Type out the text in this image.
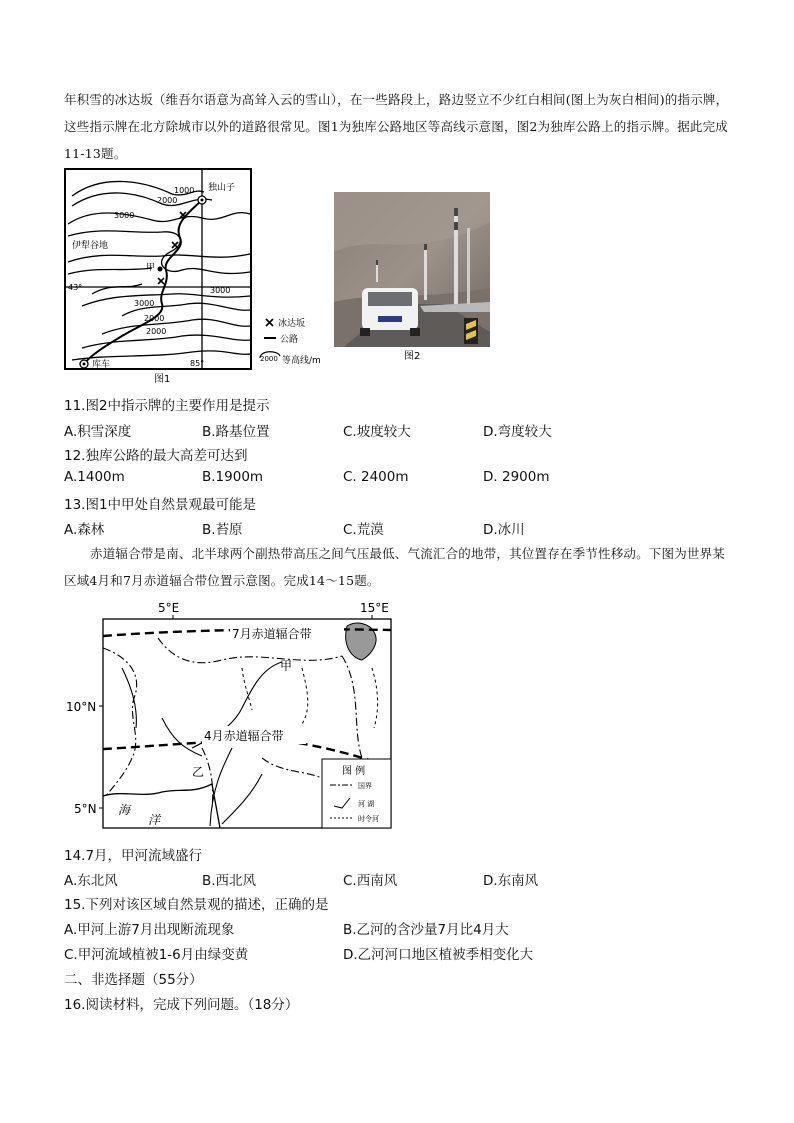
年积雪的冰达坂（维吾尔语意为高耸入云的雪山），在一些路段上，路边竖立不少红白相间(图上为灰白相间)的指示牌，这些指示牌在北方除城市以外的道路很常见。图1为独库公路地区等高线示意图，图2为独库公路上的指示牌。据此完成11-13题。
1000
2000
3000
3000
3000
2000
2000
43°
85°
独山子
伊犁谷地
甲
库车
冰达坂
公路
2000 等高线/m
图1
图2
11.图2中指示牌的主要作用是提示
A.积雪深度	B.路基位置	C.坡度较大	D.弯度较大
12.独库公路的最大高差可达到
A.1400m	B.1900m	C. 2400m	D. 2900m
13.图1中甲处自然景观最可能是
A.森林	B.苔原	C.荒漠	D.冰川
赤道辐合带是南、北半球两个副热带高压之间气压最低、气流汇合的地带，其位置存在季节性移动。下图为世界某区域4月和7月赤道辐合带位置示意图。完成14～15题。
5°E	15°E
10°N
5°N
7月赤道辐合带
4月赤道辐合带
甲
乙
海
洋
图 例
国界
河 湖
时令河
14.7月，甲河流域盛行
A.东北风	B.西北风	C.西南风	D.东南风
15.下列对该区域自然景观的描述，正确的是
A.甲河上游7月出现断流现象	B.乙河的含沙量7月比4月大
C.甲河流域植被1-6月由绿变黄	D.乙河河口地区植被季相变化大
二、非选择题（55分）
16.阅读材料，完成下列问题。（18分）
